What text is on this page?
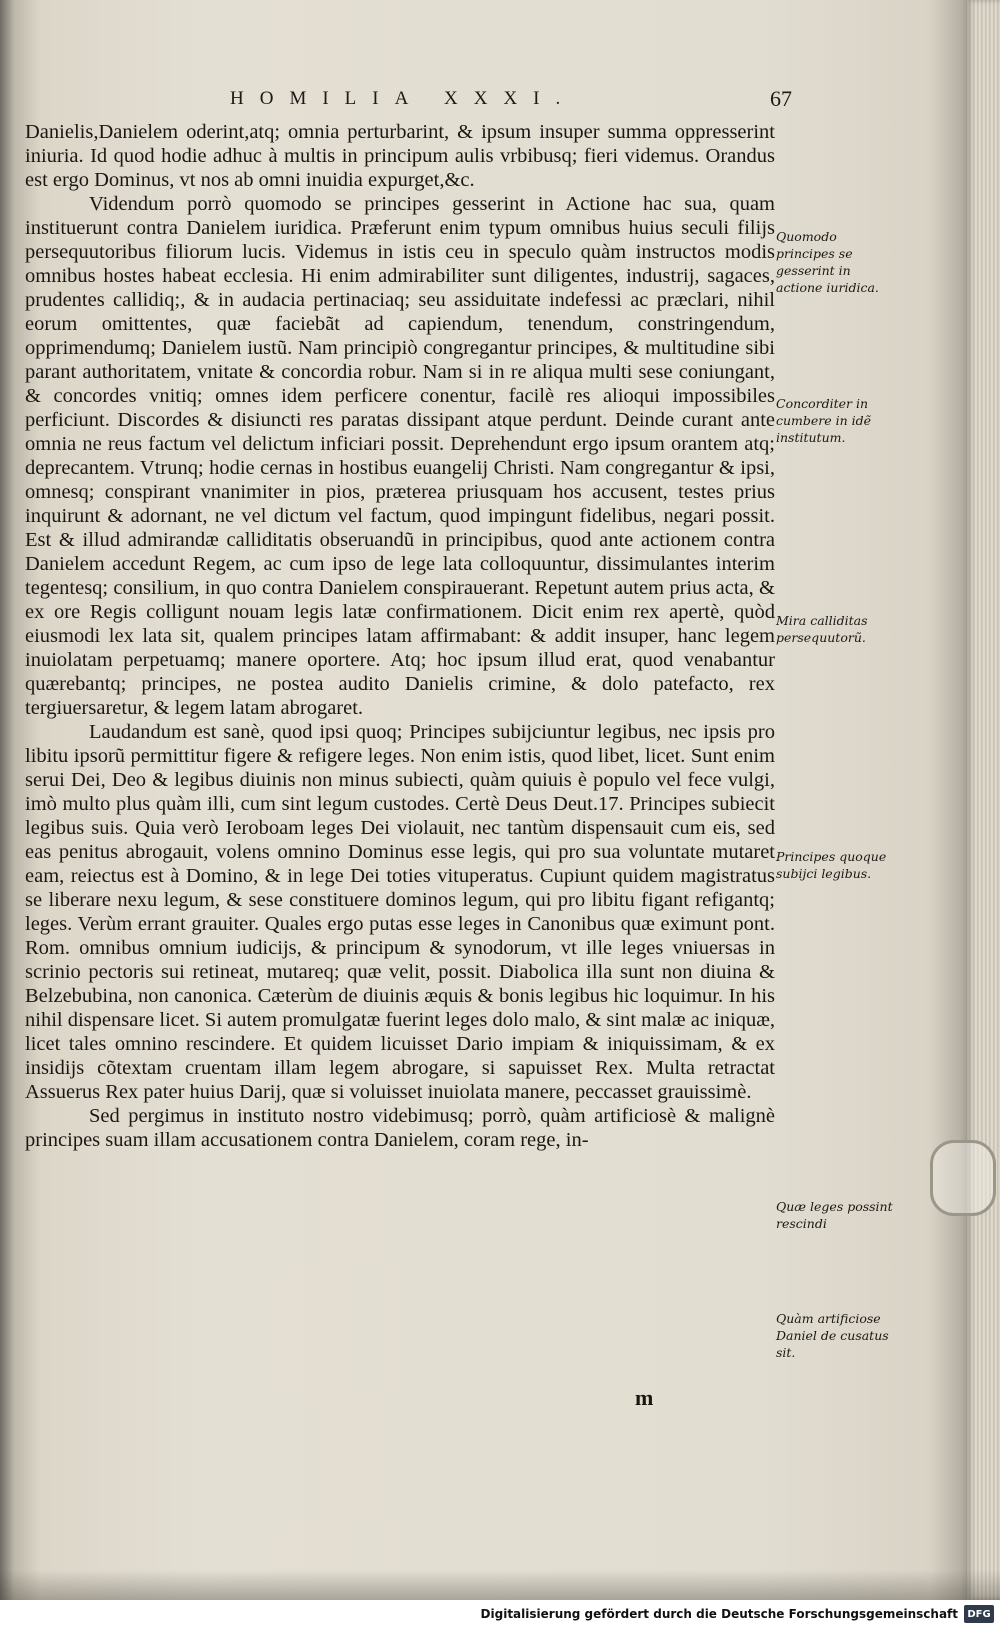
HOMILIA XXXI.	67

Danielis,Danielem oderint,atq; omnia perturbarint, & ipsum insuper summa oppresserint iniuria. Id quod hodie adhuc à multis in principum aulis vrbibusq; fieri videmus. Orandus est ergo Dominus, vt nos ab omni inuidia expurget,&c.

Videndum porrò quomodo se principes gesserint in Actione hac sua, quam instituerunt contra Danielem iuridica. Præferunt enim typum omnibus huius seculi filijs persequutoribus filiorum lucis. Videmus in istis ceu in speculo quàm instructos modis omnibus hostes habeat ecclesia. Hi enim admirabiliter sunt diligentes, industrij, sagaces, prudentes callidiq;, & in audacia pertinaciaq; seu assiduitate indefessi ac præclari, nihil eorum omittentes, quæ faciebãt ad capiendum, tenendum, constringendum, opprimendumq; Danielem iustũ. Nam principiò congregantur principes, & multitudine sibi parant authoritatem, vnitate & concordia robur. Nam si in re aliqua multi sese coniungant, & concordes vnitiq; omnes idem perficere conentur, facilè res alioqui impossibiles perficiunt. Discordes & disiuncti res paratas dissipant atque perdunt. Deinde curant ante omnia ne reus factum vel delictum inficiari possit. Deprehendunt ergo ipsum orantem atq; deprecantem. Vtrunq; hodie cernas in hostibus euangelij Christi. Nam congregantur & ipsi, omnesq; conspirant vnanimiter in pios, præterea priusquam hos accusent, testes prius inquirunt & adornant, ne vel dictum vel factum, quod impingunt fidelibus, negari possit. Est & illud admirandæ calliditatis obseruandũ in principibus, quod ante actionem contra Danielem accedunt Regem, ac cum ipso de lege lata colloquuntur, dissimulantes interim tegentesq; consilium, in quo contra Danielem conspirauerant. Repetunt autem prius acta, & ex ore Regis colligunt nouam legis latæ confirmationem. Dicit enim rex apertè, quòd eiusmodi lex lata sit, qualem principes latam affirmabant: & addit insuper, hanc legem inuiolatam perpetuamq; manere oportere. Atq; hoc ipsum illud erat, quod venabantur quærebantq; principes, ne postea audito Danielis crimine, & dolo patefacto, rex tergiuersaretur, & legem latam abrogaret.

Laudandum est sanè, quod ipsi quoq; Principes subijciuntur legibus, nec ipsis pro libitu ipsorũ permittitur figere & refigere leges. Non enim istis, quod libet, licet. Sunt enim serui Dei, Deo & legibus diuinis non minus subiecti, quàm quiuis è populo vel fece vulgi, imò multo plus quàm illi, cum sint legum custodes. Certè Deus Deut.17. Principes subiecit legibus suis. Quia verò Ieroboam leges Dei violauit, nec tantùm dispensauit cum eis, sed eas penitus abrogauit, volens omnino Dominus esse legis, qui pro sua voluntate mutaret eam, reiectus est à Domino, & in lege Dei toties vituperatus. Cupiunt quidem magistratus se liberare nexu legum, & sese constituere dominos legum, qui pro libitu figant refigantq; leges. Verùm errant grauiter. Quales ergo putas esse leges in Canonibus quæ eximunt pont. Rom. omnibus omnium iudicijs, & principum & synodorum, vt ille leges vniuersas in scrinio pectoris sui retineat, mutareq; quæ velit, possit. Diabolica illa sunt non diuina & Belzebubina, non canonica. Cæterùm de diuinis æquis & bonis legibus hic loquimur. In his nihil dispensare licet. Si autem promulgatæ fuerint leges dolo malo, & sint malæ ac iniquæ, licet tales omnino rescindere. Et quidem licuisset Dario impiam & iniquissimam, & ex insidijs cõtextam cruentam illam legem abrogare, si sapuisset Rex. Multa retractat Assuerus Rex pater huius Darij, quæ si voluisset inuiolata manere, peccasset grauissimè.

Sed pergimus in instituto nostro videbimusq; porrò, quàm artificiosè & malignè principes suam illam accusationem contra Danielem, coram rege, in-

Quomodo principes se gesserint in actione iuridica.
Concorditer in cumbere in idẽ institutum.
Mira calliditas persequutorũ.
Principes quoque subijci legibus.
Quæ leges possint rescindi
Quàm artificiose Daniel de cusatus sit.
m
Digitalisierung gefördert durch die Deutsche Forschungsgemeinschaft DFG
